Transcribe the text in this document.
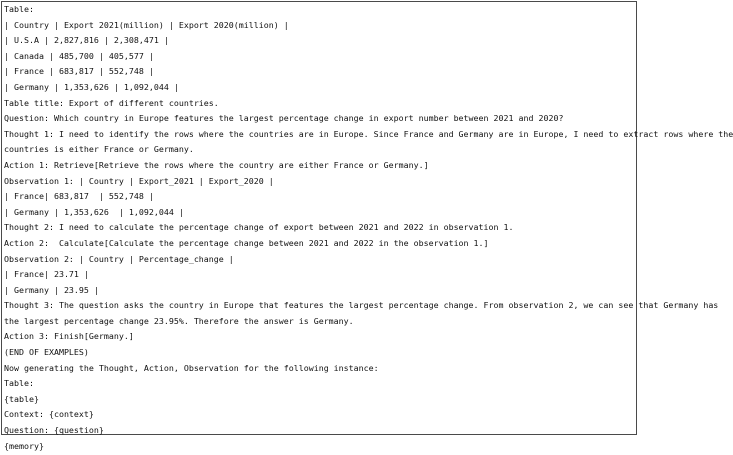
Table:
| Country | Export 2021(million) | Export 2020(million) |
| U.S.A | 2,827,816 | 2,308,471 |
| Canada | 485,700 | 405,577 |
| France | 683,817 | 552,748 |
| Germany | 1,353,626 | 1,092,044 |
Table title: Export of different countries.
Question: Which country in Europe features the largest percentage change in export number between 2021 and 2020?
Thought 1: I need to identify the rows where the countries are in Europe. Since France and Germany are in Europe, I need to extract rows where the
countries is either France or Germany.
Action 1: Retrieve[Retrieve the rows where the country are either France or Germany.]
Observation 1: | Country | Export_2021 | Export_2020 |
| France| 683,817  | 552,748 |
| Germany | 1,353,626  | 1,092,044 |
Thought 2: I need to calculate the percentage change of export between 2021 and 2022 in observation 1.
Action 2:  Calculate[Calculate the percentage change between 2021 and 2022 in the observation 1.]
Observation 2: | Country | Percentage_change |
| France| 23.71 |
| Germany | 23.95 |
Thought 3: The question asks the country in Europe that features the largest percentage change. From observation 2, we can see that Germany has
the largest percentage change 23.95%. Therefore the answer is Germany.
Action 3: Finish[Germany.]
(END OF EXAMPLES)
Now generating the Thought, Action, Observation for the following instance:
Table:
{table}
Context: {context}
Question: {question}
{memory}
